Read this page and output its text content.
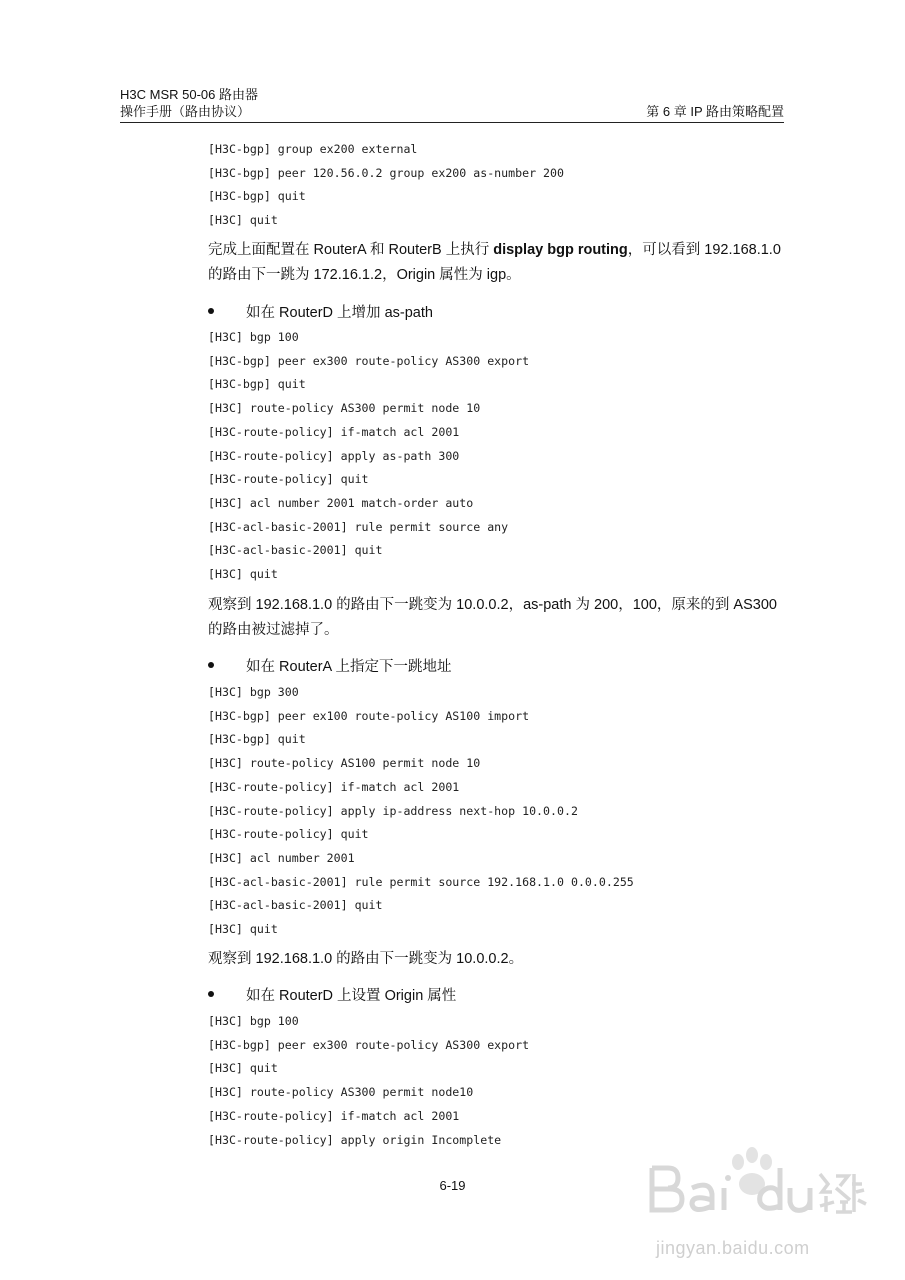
H3C MSR 50-06 路由器
操作手册（路由协议）	第 6 章 IP 路由策略配置
[H3C-bgp] group ex200 external
[H3C-bgp] peer 120.56.0.2 group ex200 as-number 200
[H3C-bgp] quit
[H3C] quit

完成上面配置在 RouterA 和 RouterB 上执行 display bgp routing，可以看到 192.168.1.0 的路由下一跳为 172.16.1.2，Origin 属性为 igp。

如在 RouterD 上增加 as-path
[H3C] bgp 100
[H3C-bgp] peer ex300 route-policy AS300 export
[H3C-bgp] quit
[H3C] route-policy AS300 permit node 10
[H3C-route-policy] if-match acl 2001
[H3C-route-policy] apply as-path 300
[H3C-route-policy] quit
[H3C] acl number 2001 match-order auto
[H3C-acl-basic-2001] rule permit source any
[H3C-acl-basic-2001] quit
[H3C] quit

观察到 192.168.1.0 的路由下一跳变为 10.0.0.2，as-path 为 200，100，原来的到 AS300 的路由被过滤掉了。

如在 RouterA 上指定下一跳地址
[H3C] bgp 300
[H3C-bgp] peer ex100 route-policy AS100 import
[H3C-bgp] quit
[H3C] route-policy AS100 permit node 10
[H3C-route-policy] if-match acl 2001
[H3C-route-policy] apply ip-address next-hop 10.0.0.2
[H3C-route-policy] quit
[H3C] acl number 2001
[H3C-acl-basic-2001] rule permit source 192.168.1.0 0.0.0.255
[H3C-acl-basic-2001] quit
[H3C] quit

观察到 192.168.1.0 的路由下一跳变为 10.0.0.2。

如在 RouterD 上设置 Origin 属性
[H3C] bgp 100
[H3C-bgp] peer ex300 route-policy AS300 export
[H3C] quit
[H3C] route-policy AS300 permit node10
[H3C-route-policy] if-match acl 2001
[H3C-route-policy] apply origin Incomplete
6-19
jingyan.baidu.com
